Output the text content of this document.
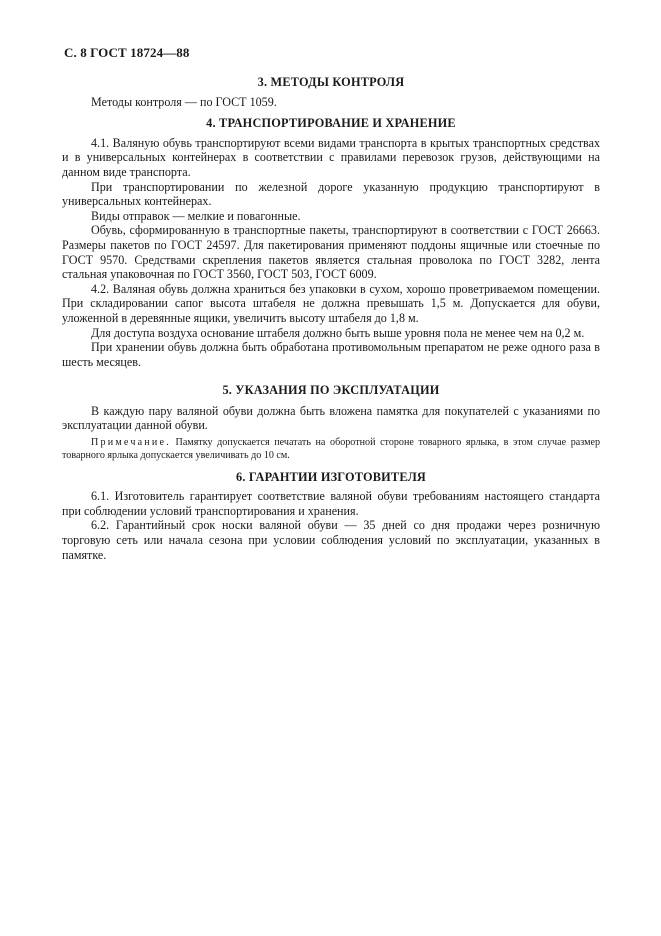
С. 8 ГОСТ 18724—88
3. МЕТОДЫ КОНТРОЛЯ

Методы контроля — по ГОСТ 1059.

4. ТРАНСПОРТИРОВАНИЕ И ХРАНЕНИЕ

4.1. Валяную обувь транспортируют всеми видами транспорта в крытых транспортных средствах и в универсальных контейнерах в соответствии с правилами перевозок грузов, действующими на данном виде транспорта.

При транспортировании по железной дороге указанную продукцию транспортируют в универсальных контейнерах.

Виды отправок — мелкие и повагонные.

Обувь, сформированную в транспортные пакеты, транспортируют в соответствии с ГОСТ 26663. Размеры пакетов по ГОСТ 24597. Для пакетирования применяют поддоны ящичные или стоечные по ГОСТ 9570. Средствами скрепления пакетов является стальная проволока по ГОСТ 3282, лента стальная упаковочная по ГОСТ 3560, ГОСТ 503, ГОСТ 6009.

4.2. Валяная обувь должна храниться без упаковки в сухом, хорошо проветриваемом помещении. При складировании сапог высота штабеля не должна превышать 1,5 м. Допускается для обуви, уложенной в деревянные ящики, увеличить высоту штабеля до 1,8 м.

Для доступа воздуха основание штабеля должно быть выше уровня пола не менее чем на 0,2 м.

При хранении обувь должна быть обработана противомольным препаратом не реже одного раза в шесть месяцев.

5. УКАЗАНИЯ ПО ЭКСПЛУАТАЦИИ

В каждую пару валяной обуви должна быть вложена памятка для покупателей с указаниями по эксплуатации данной обуви.

Примечание. Памятку допускается печатать на оборотной стороне товарного ярлыка, в этом случае размер товарного ярлыка допускается увеличивать до 10 см.

6. ГАРАНТИИ ИЗГОТОВИТЕЛЯ

6.1. Изготовитель гарантирует соответствие валяной обуви требованиям настоящего стандарта при соблюдении условий транспортирования и хранения.

6.2. Гарантийный срок носки валяной обуви — 35 дней со дня продажи через розничную торговую сеть или начала сезона при условии соблюдения условий по эксплуатации, указанных в памятке.
